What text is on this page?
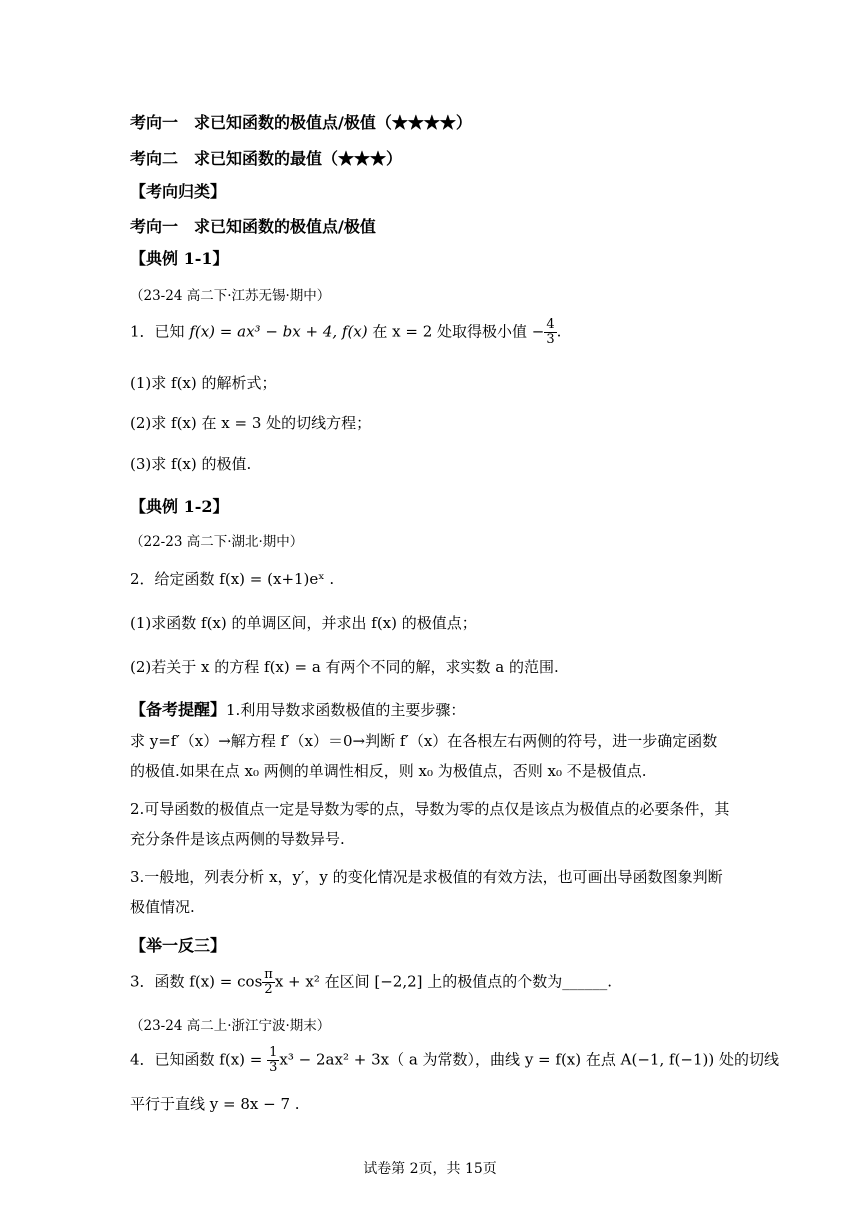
考向一　求已知函数的极值点/极值（★★★★）
考向二　求已知函数的最值（★★★）
【考向归类】
考向一　求已知函数的极值点/极值
【典例 1-1】
（23-24 高二下·江苏无锡·期中）
1．已知 f(x) = ax³ − bx + 4, f(x) 在 x = 2 处取得极小值 − $\frac{4}{3}$ .
(1)求 f(x) 的解析式；
(2)求 f(x) 在 x = 3 处的切线方程；
(3)求 f(x) 的极值.
【典例 1-2】
（22-23 高二下·湖北·期中）
2．给定函数 f(x) = (x+1)eˣ .
(1)求函数 f(x) 的单调区间，并求出 f(x) 的极值点；
(2)若关于 x 的方程 f(x) = a 有两个不同的解，求实数 a 的范围.
【备考提醒】1.利用导数求函数极值的主要步骤：
求 y=f′（x）→解方程 f′（x）＝0→判断 f′（x）在各根左右两侧的符号，进一步确定函数的极值.如果在点 x₀ 两侧的单调性相反，则 x₀ 为极值点，否则 x₀ 不是极值点.
2.可导函数的极值点一定是导数为零的点，导数为零的点仅是该点为极值点的必要条件，其充分条件是该点两侧的导数异号.
3.一般地，列表分析 x，y′，y 的变化情况是求极值的有效方法，也可画出导函数图象判断极值情况.
【举一反三】
3．函数 $f(x) = \cos \frac{\pi}{2}$ x + x² 在区间 [−2,2] 上的极值点的个数为______.
（23-24 高二上·浙江宁波·期末）
4．已知函数 $f(x) = \frac{1}{3} x^3 - 2ax^2 + 3x$（ a 为常数），曲线 y = f(x) 在点 A(−1, f(−1)) 处的切线
平行于直线 y = 8x − 7 .
试卷第 2页，共 15页
